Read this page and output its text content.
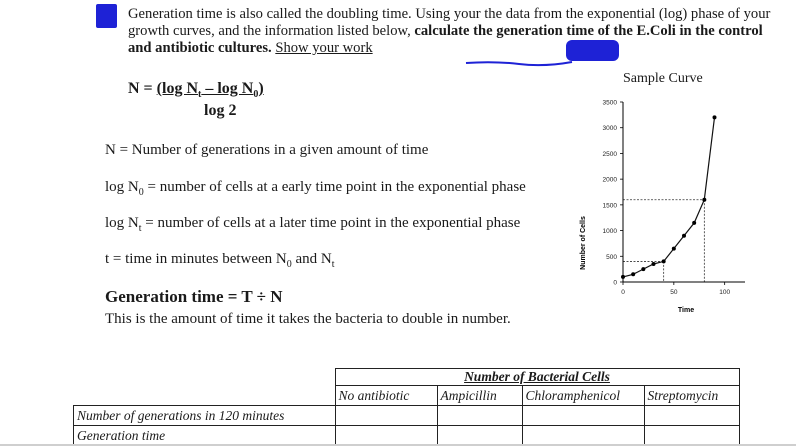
Generation time is also called the doubling time. Using your the data from the exponential (log) phase of your growth curves, and the information listed below, calculate the generation time of the E.Coli in the control and antibiotic cultures. Show your work
N = (log $N_t$ – $\log N_0$)
log 2
N = Number of generations in a given amount of time
$\log N_0$ = number of cells at a early time point in the exponential phase
$\log N_t$ = number of cells at a later time point in the exponential phase
t = time in minutes between $N_0$ and $N_t$
Generation time = T ÷ N
This is the amount of time it takes the bacteria to double in number.
Sample Curve
0
500
1000
1500
2000
2500
3000
3500
0	50	100
Number of Cells
Time
	Number of Bacterial Cells			
	No antibiotic	Ampicillin	Chloramphenicol	Streptomycin
Number of generations in 120 minutes				
Generation time				
